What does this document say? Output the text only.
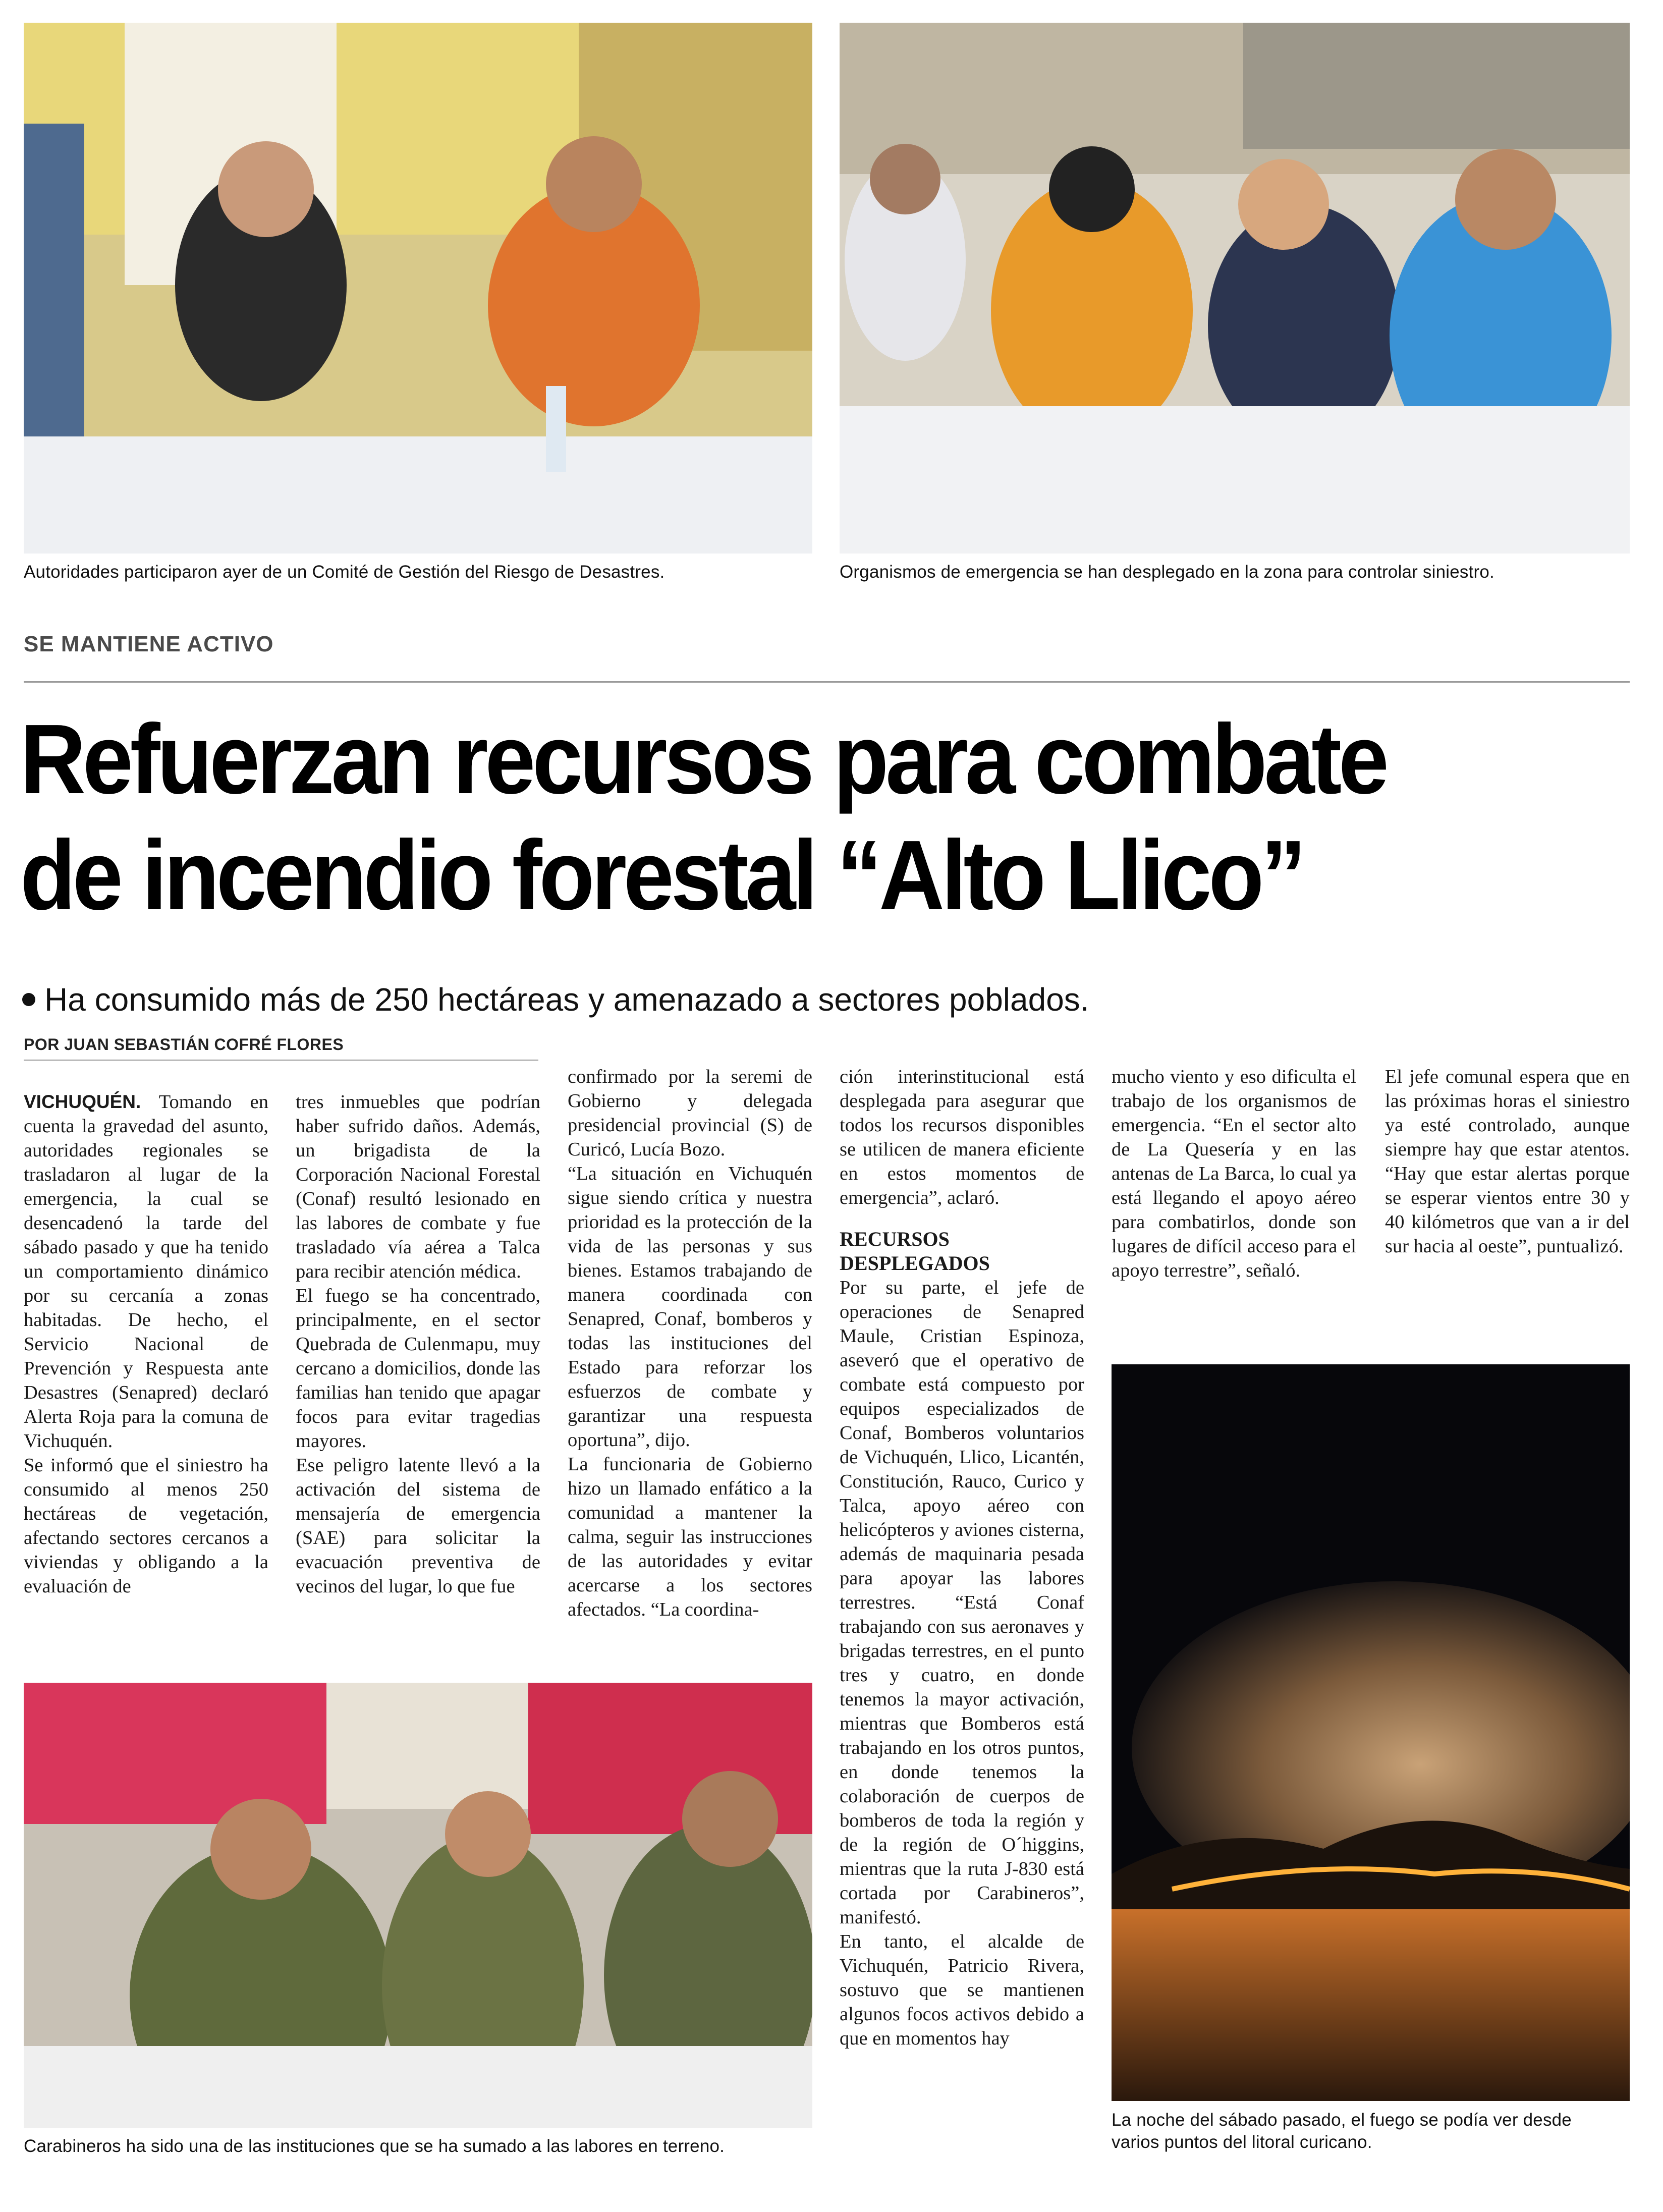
Autoridades participaron ayer de un Comité de Gestión del Riesgo de Desastres.	Organismos de emergencia se han desplegado en la zona para controlar siniestro.
SE MANTIENE ACTIVO
Refuerzan recursos para combate
de incendio forestal “Alto Llico”
Ha consumido más de 250 hectáreas y amenazado a sectores poblados.
POR JUAN SEBASTIÁN COFRÉ FLORES

VICHUQUÉN. Tomando en cuenta la gravedad del asunto, autoridades regionales se trasladaron al lugar de la emergencia, la cual se desencadenó la tarde del sábado pasado y que ha tenido un comportamiento dinámico por su cercanía a zonas habitadas. De hecho, el Servicio Nacional de Prevención y Respuesta ante Desastres (Senapred) declaró Alerta Roja para la comuna de Vichuquén.

Se informó que el siniestro ha consumido al menos 250 hectáreas de vegetación, afectando sectores cercanos a viviendas y obligando a la evaluación de

tres inmuebles que podrían haber sufrido daños. Además, un brigadista de la Corporación Nacional Forestal (Conaf) resultó lesionado en las labores de combate y fue trasladado vía aérea a Talca para recibir atención médica.

El fuego se ha concentrado, principalmente, en el sector Quebrada de Culenmapu, muy cercano a domicilios, donde las familias han tenido que apagar focos para evitar tragedias mayores.

Ese peligro latente llevó a la activación del sistema de mensajería de emergencia (SAE) para solicitar la evacuación preventiva de vecinos del lugar, lo que fue

confirmado por la seremi de Gobierno y delegada presidencial provincial (S) de Curicó, Lucía Bozo.

“La situación en Vichuquén sigue siendo crítica y nuestra prioridad es la protección de la vida de las personas y sus bienes. Estamos trabajando de manera coordinada con Senapred, Conaf, bomberos y todas las instituciones del Estado para reforzar los esfuerzos de combate y garantizar una respuesta oportuna”, dijo.

La funcionaria de Gobierno hizo un llamado enfático a la comunidad a mantener la calma, seguir las instrucciones de las autoridades y evitar acercarse a los sectores afectados. “La coordina-

ción interinstitucional está desplegada para asegurar que todos los recursos disponibles se utilicen de manera eficiente en estos momentos de emergencia”, aclaró.

RECURSOS
DESPLEGADOS

Por su parte, el jefe de operaciones de Senapred Maule, Cristian Espinoza, aseveró que el operativo de combate está compuesto por equipos especializados de Conaf, Bomberos voluntarios de Vichuquén, Llico, Licantén, Constitución, Rauco, Curico y Talca, apoyo aéreo con helicópteros y aviones cisterna, además de maquinaria pesada para apoyar las labores terrestres. “Está Conaf trabajando con sus aeronaves y brigadas terrestres, en el punto tres y cuatro, en donde tenemos la mayor activación, mientras que Bomberos está trabajando en los otros puntos, en donde tenemos la colaboración de cuerpos de bomberos de toda la región y de la región de O´higgins, mientras que la ruta J-830 está cortada por Carabineros”, manifestó.

En tanto, el alcalde de Vichuquén, Patricio Rivera, sostuvo que se mantienen algunos focos activos debido a que en momentos hay

mucho viento y eso dificulta el trabajo de los organismos de emergencia. “En el sector alto de La Quesería y en las antenas de La Barca, lo cual ya está llegando el apoyo aéreo para combatirlos, donde son lugares de difícil acceso para el apoyo terrestre”, señaló.

El jefe comunal espera que en las próximas horas el siniestro ya esté controlado, aunque siempre hay que estar atentos. “Hay que estar alertas porque se esperar vientos entre 30 y 40 kilómetros que van a ir del sur hacia al oeste”, puntualizó.

La noche del sábado pasado, el fuego se podía ver desde
varios puntos del litoral curicano.
Carabineros ha sido una de las instituciones que se ha sumado a las labores en terreno.
